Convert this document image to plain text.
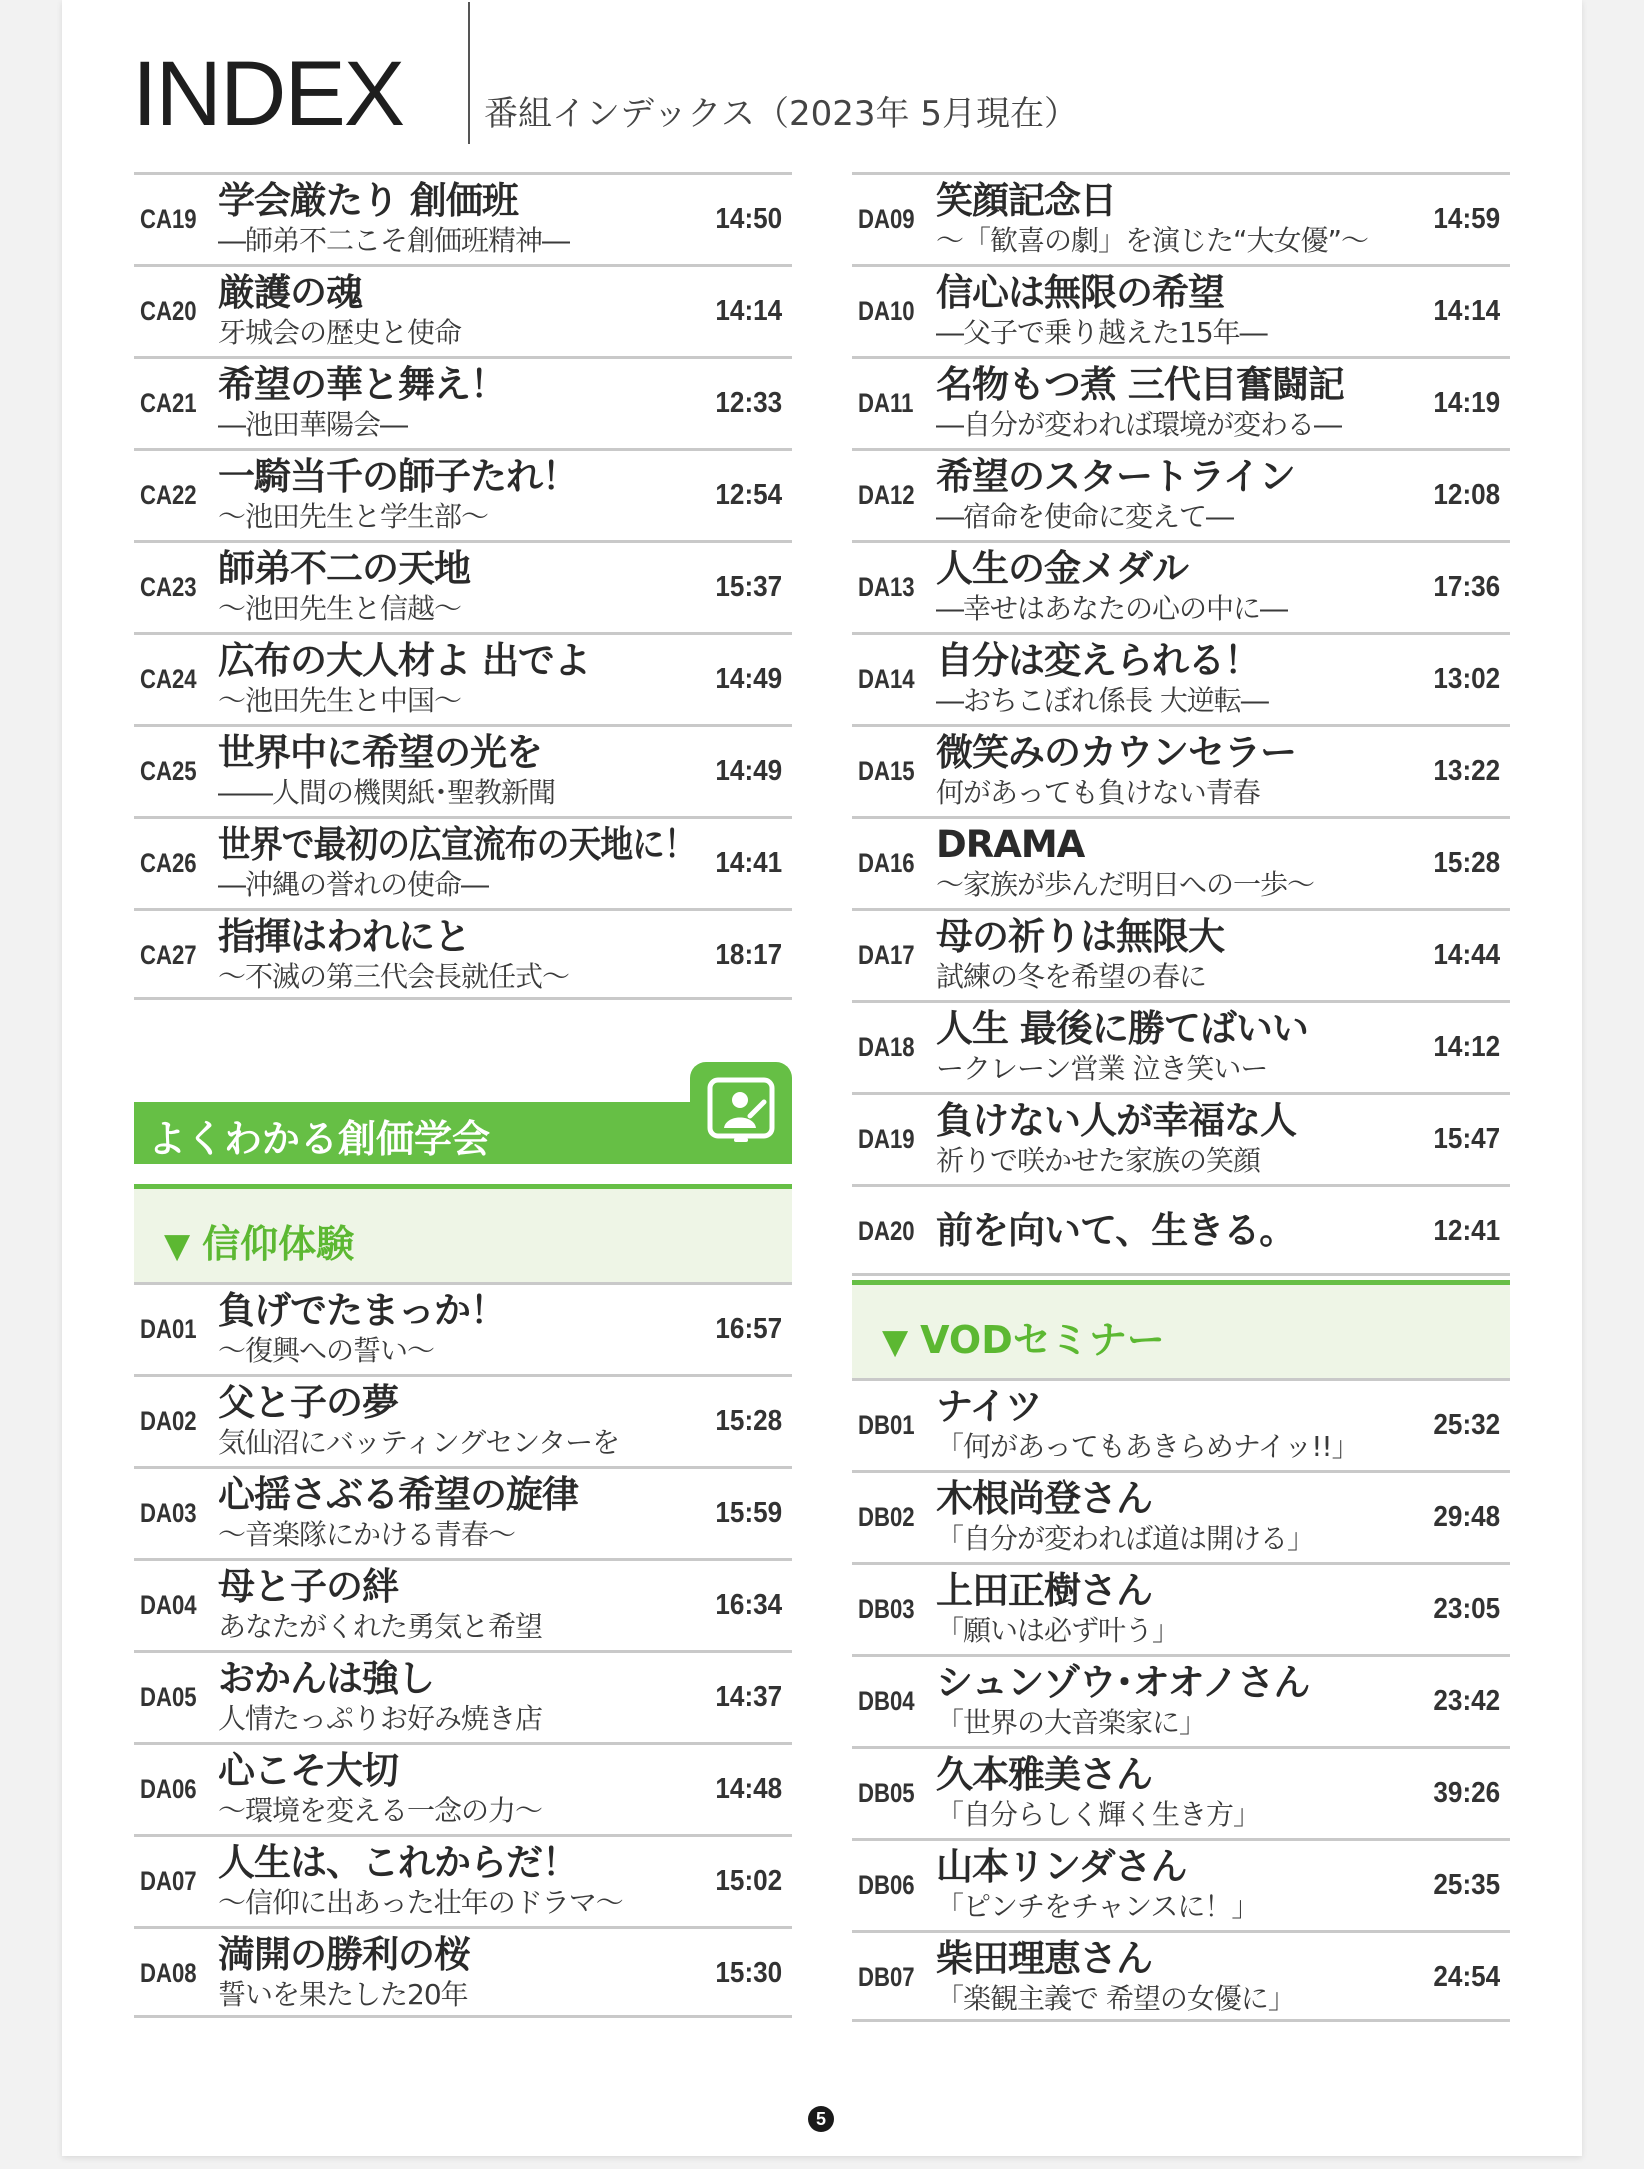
INDEX 番組インデックス（2023年 5月現在）
CA19 学会厳たり 創価班
―師弟不二こそ創価班精神―
14:50
CA20 厳護の魂
牙城会の歴史と使命
14:14
CA21 希望の華と舞え！
―池田華陽会―
12:33
CA22 一騎当千の師子たれ！
～池田先生と学生部～
12:54
CA23 師弟不二の天地
～池田先生と信越～
15:37
CA24 広布の大人材よ 出でよ
～池田先生と中国～
14:49
CA25 世界中に希望の光を
――人間の機関紙･聖教新聞
14:49
CA26 世界で最初の広宣流布の天地に！
―沖縄の誉れの使命―
14:41
CA27 指揮はわれにと
～不滅の第三代会長就任式～
18:17
よくわかる創価学会
▼ 信仰体験
DA01 負げでたまっか！
～復興への誓い～
16:57
DA02 父と子の夢
気仙沼にバッティングセンターを
15:28
DA03 心揺さぶる希望の旋律
～音楽隊にかける青春～
15:59
DA04 母と子の絆
あなたがくれた勇気と希望
16:34
DA05 おかんは強し
人情たっぷりお好み焼き店
14:37
DA06 心こそ大切
～環境を変える一念の力～
14:48
DA07 人生は、これからだ！
～信仰に出あった壮年のドラマ～
15:02
DA08 満開の勝利の桜
誓いを果たした20年
15:30
DA09 笑顔記念日
～「歓喜の劇」を演じた“大女優”～
14:59
DA10 信心は無限の希望
―父子で乗り越えた15年―
14:14
DA11 名物もつ煮 三代目奮闘記
―自分が変われば環境が変わる―
14:19
DA12 希望のスタートライン
―宿命を使命に変えて―
12:08
DA13 人生の金メダル
―幸せはあなたの心の中に―
17:36
DA14 自分は変えられる！
―おちこぼれ係長 大逆転―
13:02
DA15 微笑みのカウンセラー
何があっても負けない青春
13:22
DA16 DRAMA
～家族が歩んだ明日への一歩～
15:28
DA17 母の祈りは無限大
試練の冬を希望の春に
14:44
DA18 人生 最後に勝てばいい
ークレーン営業 泣き笑いー
14:12
DA19 負けない人が幸福な人
祈りで咲かせた家族の笑顔
15:47
DA20 前を向いて、生きる。	12:41
▼ VODセミナー
DB01 ナイツ
「何があってもあきらめナイッ!!」
25:32
DB02 木根尚登さん
「自分が変われば道は開ける」
29:48
DB03 上田正樹さん
「願いは必ず叶う」
23:05
DB04 シュンゾウ･オオノさん
「世界の大音楽家に」
23:42
DB05 久本雅美さん
「自分らしく輝く生き方」
39:26
DB06 山本リンダさん
「ピンチをチャンスに！」
25:35
DB07 柴田理恵さん
「楽観主義で 希望の女優に」
24:54
5
